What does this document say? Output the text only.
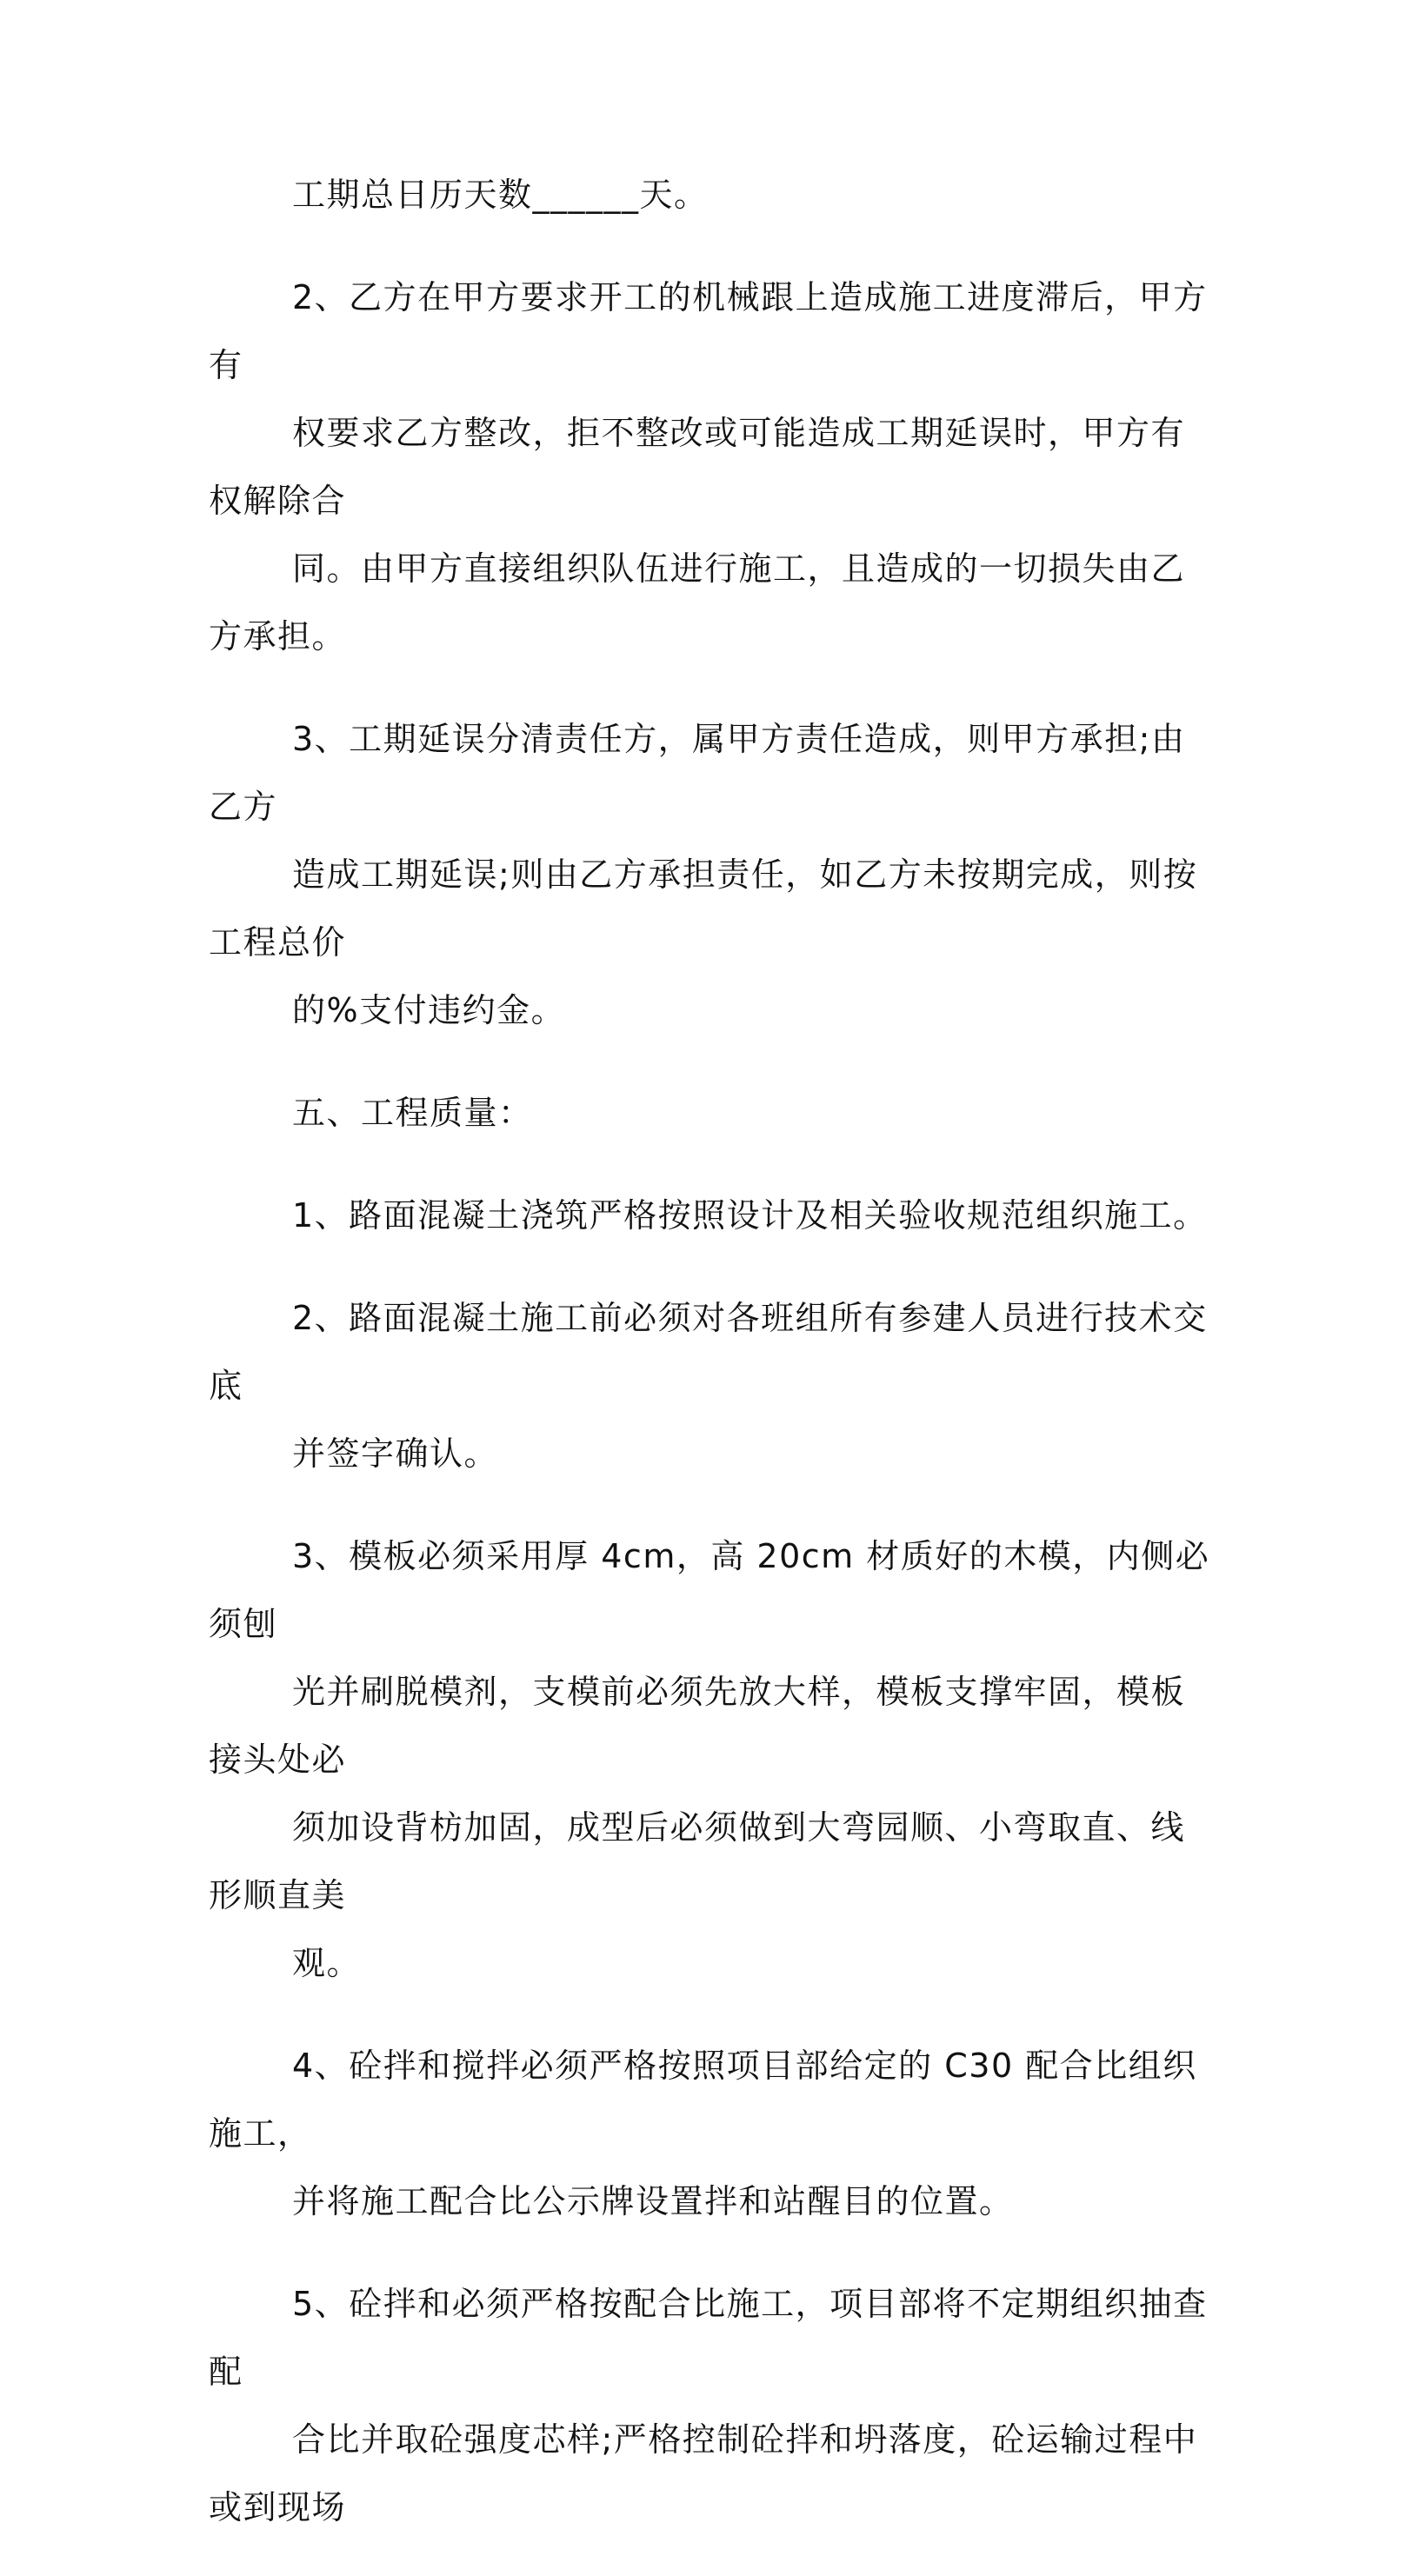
工期总日历天数______天。

2、乙方在甲方要求开工的机械跟上造成施工进度滞后，甲方有
权要求乙方整改，拒不整改或可能造成工期延误时，甲方有权解除合
同。由甲方直接组织队伍进行施工，且造成的一切损失由乙方承担。

3、工期延误分清责任方，属甲方责任造成，则甲方承担;由乙方
造成工期延误;则由乙方承担责任，如乙方未按期完成，则按工程总价
的%支付违约金。

五、工程质量：

1、路面混凝土浇筑严格按照设计及相关验收规范组织施工。

2、路面混凝土施工前必须对各班组所有参建人员进行技术交底
并签字确认。

3、模板必须采用厚 4cm，高 20cm 材质好的木模，内侧必须刨
光并刷脱模剂，支模前必须先放大样，模板支撑牢固，模板接头处必
须加设背枋加固，成型后必须做到大弯园顺、小弯取直、线形顺直美
观。

4、砼拌和搅拌必须严格按照项目部给定的 C30 配合比组织施工，
并将施工配合比公示牌设置拌和站醒目的位置。

5、砼拌和必须严格按配合比施工，项目部将不定期组织抽查配
合比并取砼强度芯样;严格控制砼拌和坍落度，砼运输过程中或到现场
